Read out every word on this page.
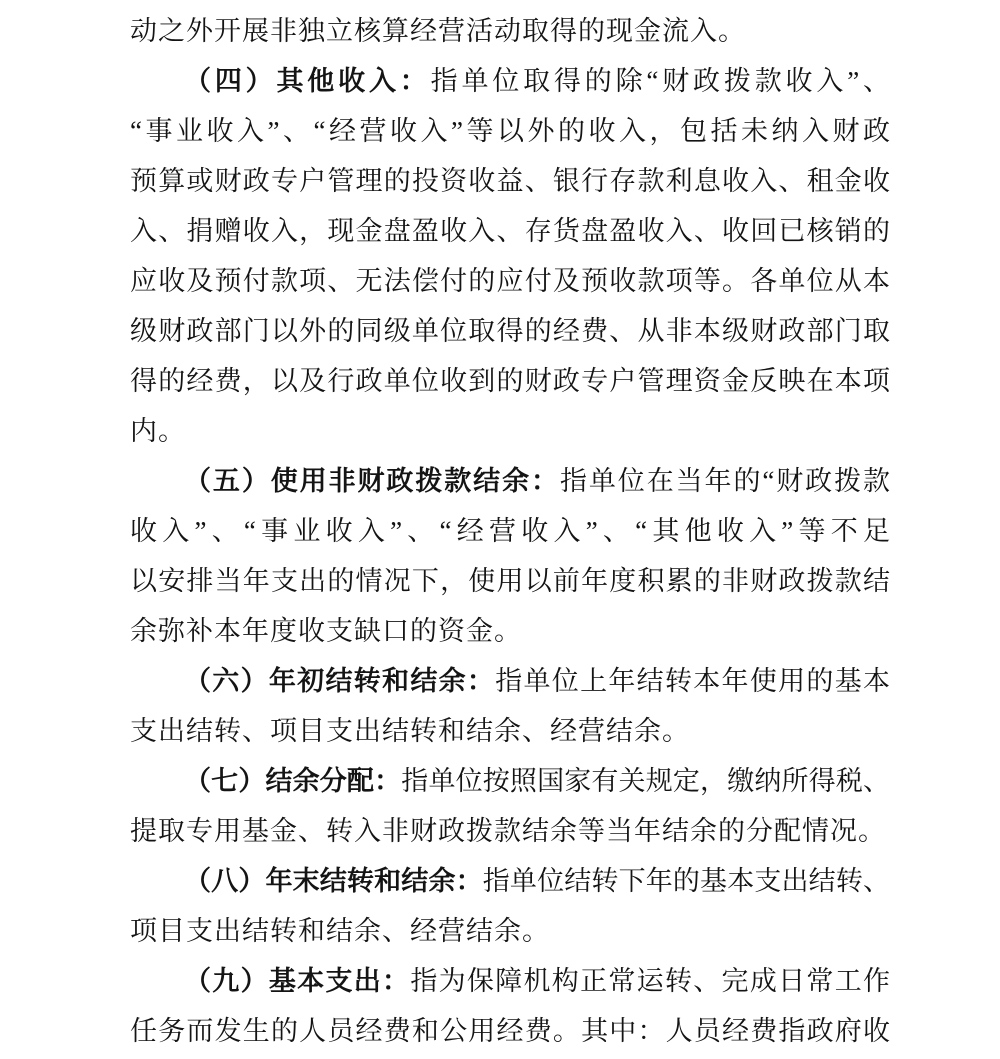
动之外开展非独立核算经营活动取得的现金流入。

（四）其他收入：指单位取得的除“财政拨款收入”、

“事业收入”、“经营收入”等以外的收入，包括未纳入财政

预算或财政专户管理的投资收益、银行存款利息收入、租金收

入、捐赠收入，现金盘盈收入、存货盘盈收入、收回已核销的

应收及预付款项、无法偿付的应付及预收款项等。各单位从本

级财政部门以外的同级单位取得的经费、从非本级财政部门取

得的经费，以及行政单位收到的财政专户管理资金反映在本项

内。

（五）使用非财政拨款结余：指单位在当年的“财政拨款

收入”、“事业收入”、“经营收入”、“其他收入”等不足

以安排当年支出的情况下，使用以前年度积累的非财政拨款结

余弥补本年度收支缺口的资金。

（六）年初结转和结余：指单位上年结转本年使用的基本

支出结转、项目支出结转和结余、经营结余。

（七）结余分配：指单位按照国家有关规定，缴纳所得税、

提取专用基金、转入非财政拨款结余等当年结余的分配情况。

（八）年末结转和结余：指单位结转下年的基本支出结转、

项目支出结转和结余、经营结余。

（九）基本支出：指为保障机构正常运转、完成日常工作

任务而发生的人员经费和公用经费。其中：人员经费指政府收
